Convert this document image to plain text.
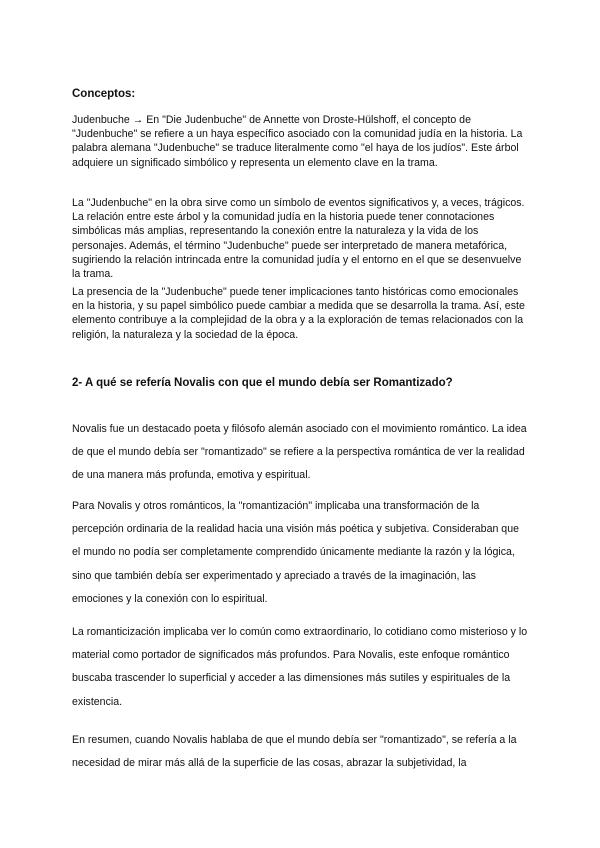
Conceptos:

Judenbuche → En "Die Judenbuche" de Annette von Droste-Hülshoff, el concepto de "Judenbuche" se refiere a un haya específico asociado con la comunidad judía en la historia. La palabra alemana "Judenbuche" se traduce literalmente como "el haya de los judíos". Este árbol adquiere un significado simbólico y representa un elemento clave en la trama.

La "Judenbuche" en la obra sirve como un símbolo de eventos significativos y, a veces, trágicos. La relación entre este árbol y la comunidad judía en la historia puede tener connotaciones simbólicas más amplias, representando la conexión entre la naturaleza y la vida de los personajes. Además, el término "Judenbuche" puede ser interpretado de manera metafórica, sugiriendo la relación intrincada entre la comunidad judía y el entorno en el que se desenvuelve la trama.

La presencia de la "Judenbuche" puede tener implicaciones tanto históricas como emocionales en la historia, y su papel simbólico puede cambiar a medida que se desarrolla la trama. Así, este elemento contribuye a la complejidad de la obra y a la exploración de temas relacionados con la religión, la naturaleza y la sociedad de la época.

2- A qué se refería Novalis con que el mundo debía ser Romantizado?

Novalis fue un destacado poeta y filósofo alemán asociado con el movimiento romántico. La idea de que el mundo debía ser "romantizado" se refiere a la perspectiva romántica de ver la realidad de una manera más profunda, emotiva y espiritual.

Para Novalis y otros románticos, la "romantización" implicaba una transformación de la percepción ordinaria de la realidad hacia una visión más poética y subjetiva. Consideraban que el mundo no podía ser completamente comprendido únicamente mediante la razón y la lógica, sino que también debía ser experimentado y apreciado a través de la imaginación, las emociones y la conexión con lo espiritual.

La romanticización implicaba ver lo común como extraordinario, lo cotidiano como misterioso y lo material como portador de significados más profundos. Para Novalis, este enfoque romántico buscaba trascender lo superficial y acceder a las dimensiones más sutiles y espirituales de la existencia.

En resumen, cuando Novalis hablaba de que el mundo debía ser "romantizado", se refería a la necesidad de mirar más allá de la superficie de las cosas, abrazar la subjetividad, la
